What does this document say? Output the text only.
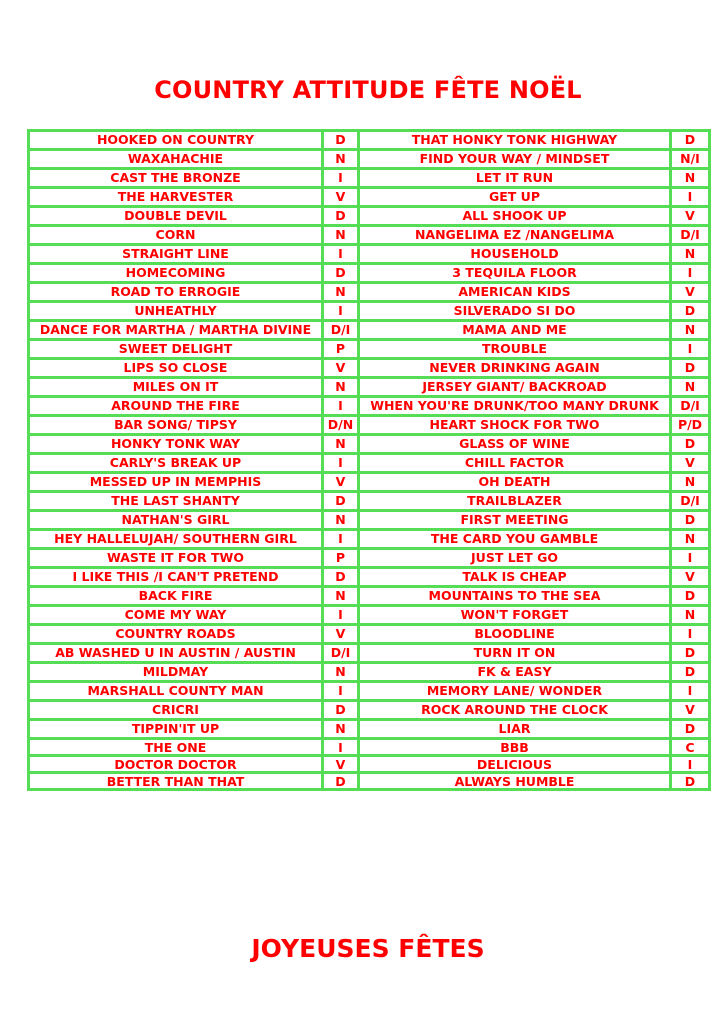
COUNTRY ATTITUDE FÊTE NOËL
HOOKED ON COUNTRY	D	THAT HONKY TONK HIGHWAY	D
WAXAHACHIE	N	FIND YOUR WAY / MINDSET	N/I
CAST THE BRONZE	I	LET IT RUN	N
THE HARVESTER	V	GET UP	I
DOUBLE DEVIL	D	ALL SHOOK UP	V
CORN	N	NANGELIMA EZ /NANGELIMA	D/I
STRAIGHT LINE	I	HOUSEHOLD	N
HOMECOMING	D	3 TEQUILA FLOOR	I
ROAD TO ERROGIE	N	AMERICAN KIDS	V
UNHEATHLY	I	SILVERADO SI DO	D
DANCE FOR MARTHA / MARTHA DIVINE	D/I	MAMA AND ME	N
SWEET DELIGHT	P	TROUBLE	I
LIPS SO CLOSE	V	NEVER DRINKING AGAIN	D
MILES ON IT	N	JERSEY GIANT/ BACKROAD	N
AROUND THE FIRE	I	WHEN YOU'RE DRUNK/TOO MANY DRUNK	D/I
BAR SONG/ TIPSY	D/N	HEART SHOCK FOR TWO	P/D
HONKY TONK WAY	N	GLASS OF WINE	D
CARLY'S BREAK UP	I	CHILL FACTOR	V
MESSED UP IN MEMPHIS	V	OH DEATH	N
THE LAST SHANTY	D	TRAILBLAZER	D/I
NATHAN'S GIRL	N	FIRST MEETING	D
HEY HALLELUJAH/ SOUTHERN GIRL	I	THE CARD YOU GAMBLE	N
WASTE IT FOR TWO	P	JUST LET GO	I
I LIKE THIS /I CAN'T PRETEND	D	TALK IS CHEAP	V
BACK FIRE	N	MOUNTAINS TO THE SEA	D
COME MY WAY	I	WON'T FORGET	N
COUNTRY ROADS	V	BLOODLINE	I
AB WASHED U IN AUSTIN / AUSTIN	D/I	TURN IT ON	D
MILDMAY	N	FK & EASY	D
MARSHALL COUNTY MAN	I	MEMORY LANE/ WONDER	I
CRICRI	D	ROCK AROUND THE CLOCK	V
TIPPIN'IT UP	N	LIAR	D
THE ONE	I	BBB	C
DOCTOR DOCTOR	V	DELICIOUS	I
BETTER THAN THAT	D	ALWAYS HUMBLE	D
JOYEUSES FÊTES
